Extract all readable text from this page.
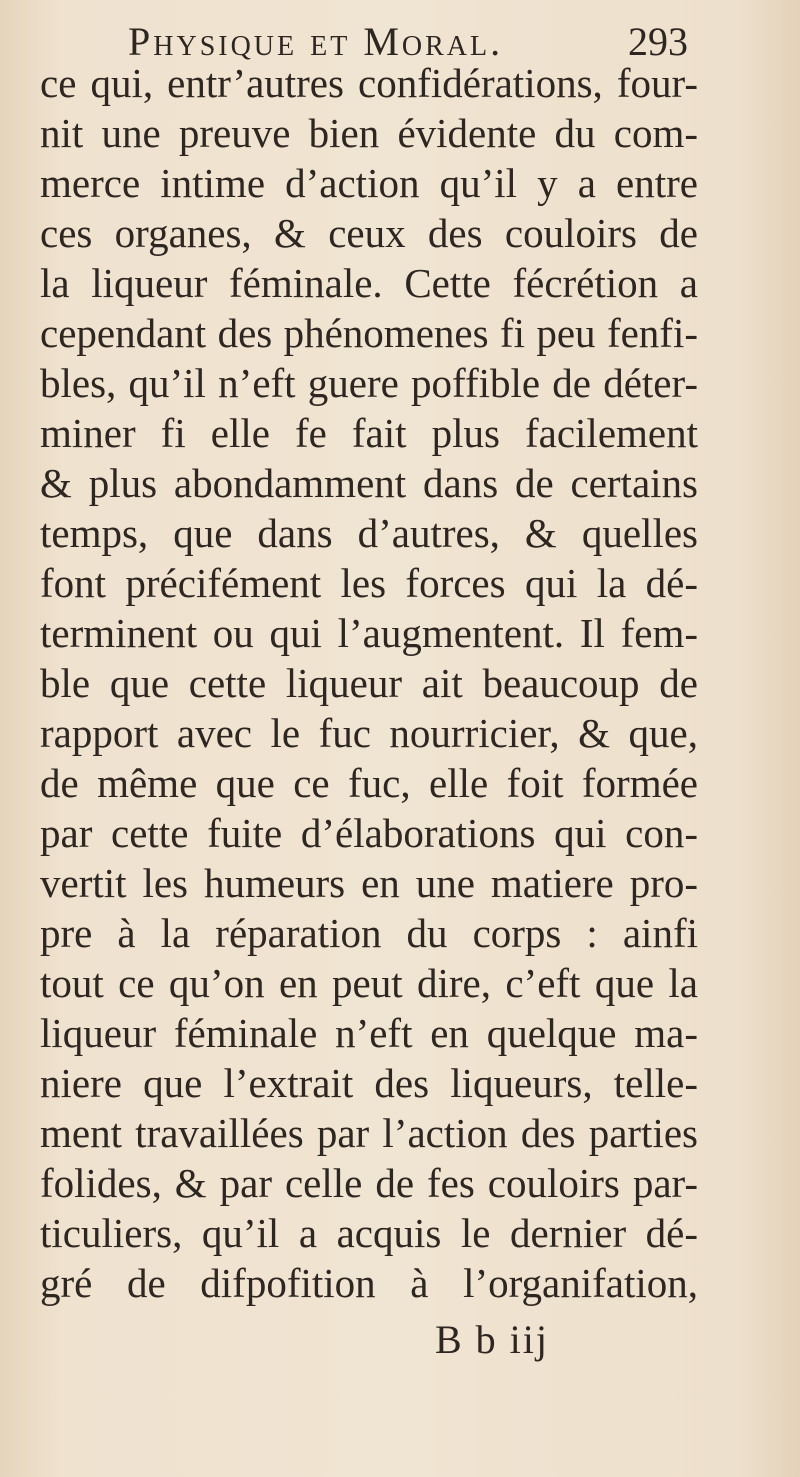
Physique et Moral.	293
ce qui, entr’autres confidérations, four-
nit une preuve bien évidente du com-
merce intime d’action qu’il y a entre
ces organes, & ceux des couloirs de
la liqueur féminale. Cette fécrétion a
cependant des phénomenes fi peu fenfi-
bles, qu’il n’eft guere poffible de déter-
miner fi elle fe fait plus facilement
& plus abondamment dans de certains
temps, que dans d’autres, & quelles
font précifément les forces qui la dé-
terminent ou qui l’augmentent. Il fem-
ble que cette liqueur ait beaucoup de
rapport avec le fuc nourricier, & que,
de même que ce fuc, elle foit formée
par cette fuite d’élaborations qui con-
vertit les humeurs en une matiere pro-
pre à la réparation du corps : ainfi
tout ce qu’on en peut dire, c’eft que la
liqueur féminale n’eft en quelque ma-
niere que l’extrait des liqueurs, telle-
ment travaillées par l’action des parties
folides, & par celle de fes couloirs par-
ticuliers, qu’il a acquis le dernier dé-
gré de difpofition à l’organifation,
B b iij
